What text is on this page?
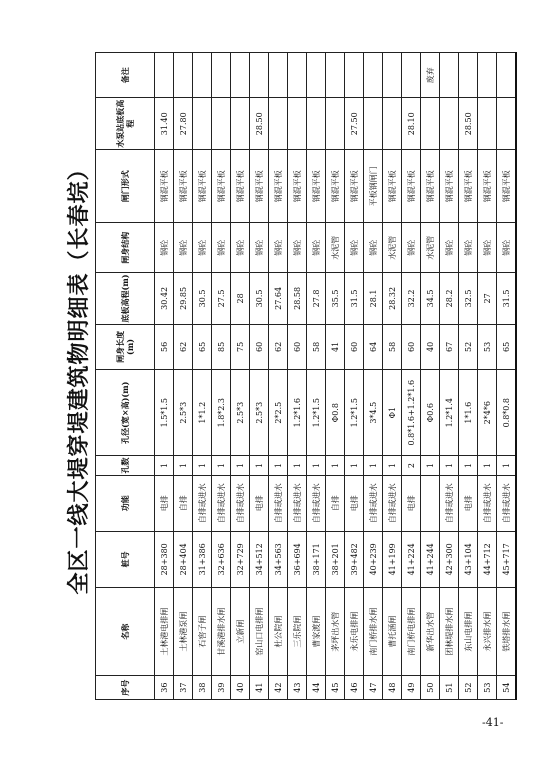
全区一线大堤穿堤建筑物明细表（长春垸）
序号	名称	桩号	功能	孔数	孔径(宽×高)(m)	闸身长度(m)	底板高程(m)	闸身结构	闸门形式	水泵站底板高程	备注
36	土林港电排闸	28+380	电排	1	1.5*1.5	56	30.42	钢砼	钢混平板	31.40	
37	土林港泵闸	28+404	自排	1	2.5*3	62	29.85	钢砼	钢混平板	27.80	
38	石窖子闸	31+386	自排或进水	1	1*1.2	65	30.5	钢砼	钢混平板		
39	甘溪港排水闸	32+636	自排或进水	1	1.8*2.3	85	27.5	钢砼	钢混平板		
40	立新闸	32+729	自排或进水	1	2.5*3	75	28	钢砼	钢混平板		
41	窑山口电排闸	34+512	电排	1	2.5*3	60	30.5	钢砼	钢混平板	28.50	
42	杜公院闸	34+563	自排或进水	1	2*2.5	62	27.64	钢砼	钢混平板		
43	三乐院闸	36+694	自排或进水	1	1.2*1.6	60	28.58	钢砼	钢混平板		
44	曹家渡闸	38+171	自排或进水	1	1.2*1.5	58	27.8	钢砼	钢混平板		
45	茅坪出水管	38+201	自排	1	Φ0.8	41	35.5	水泥管	钢混平板		
46	永乐电排闸	39+482	电排	1	1.2*1.5	60	31.5	钢砼	钢混平板	27.50	
47	南门桥排水闸	40+239	自排或进水	1	3*4.5	64	28.1	钢砼	平板钢闸门		
48	曹托涵闸	41+199	自排或进水	1	Φ1	58	28.32	水泥管	钢混平板		
49	南门桥电排闸	41+224	电排	2	0.8*1.6+1.2*1.6	60	32.2	钢砼	钢混平板	28.10	
50	新华出水管	41+244		1	Φ0.6	40	34.5	水泥管	钢混平板		废弃
51	团林堤排水闸	42+300	自排或进水	1	1.2*1.4	67	28.2	钢砼	钢混平板		
52	东山电排闸	43+104	电排	1	1*1.6	52	32.5	钢砼	钢混平板	28.50	
53	永兴排水闸	44+712	自排或进水	1	2*4*6	53	27	钢砼	钢混平板		
54	铁塔排水闸	45+717	自排或进水	1	0.8*0.8	65	31.5	钢砼	钢混平板		
-41-
